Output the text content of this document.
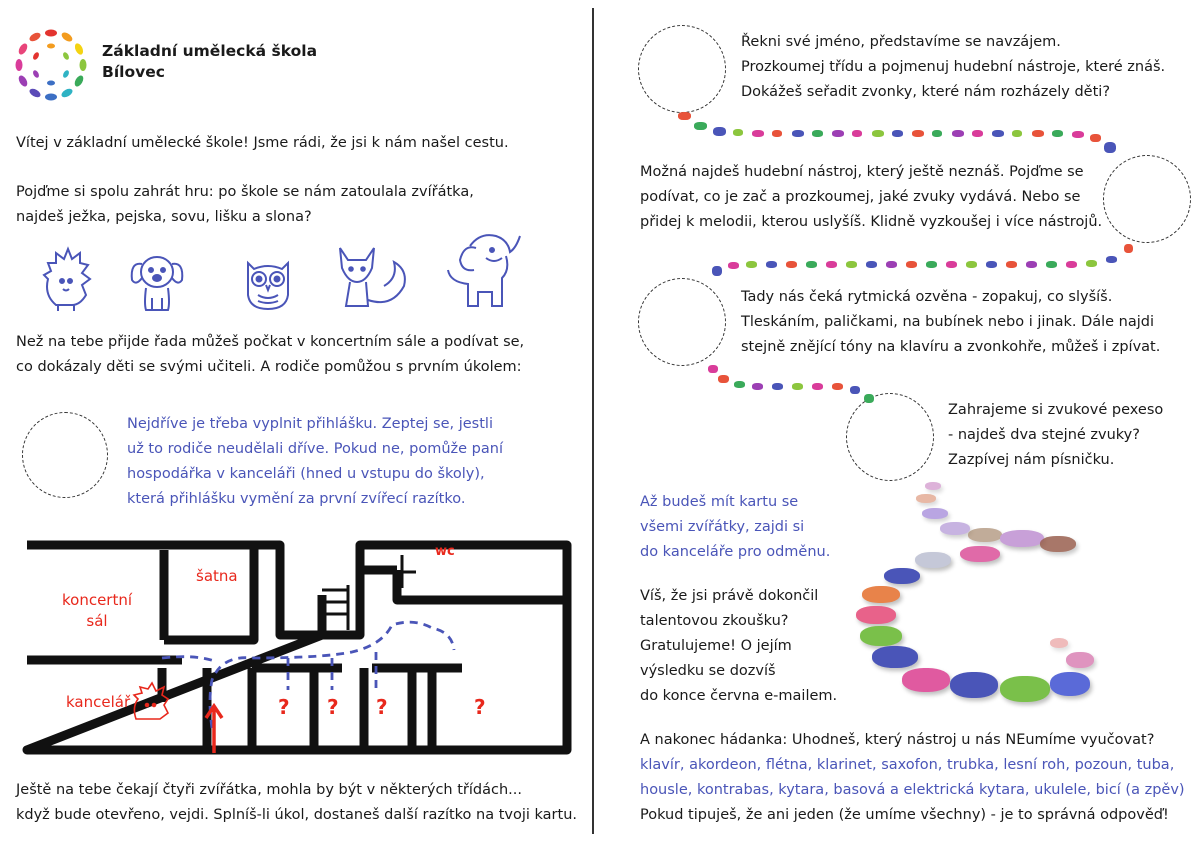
Základní umělecká škola
Bílovec

Vítej v základní umělecké škole! Jsme rádi, že jsi k nám našel cestu.

Pojďme si spolu zahrát hru: po škole se nám zatoulala zvířátka,

najdeš ježka, pejska, sovu, lišku a slona?

Než na tebe přijde řada můžeš počkat v koncertním sále a podívat se,

co dokázaly děti se svými učiteli. A rodiče pomůžou s prvním úkolem:

Nejdříve je třeba vyplnit přihlášku. Zeptej se, jestli

už to rodiče neudělali dříve. Pokud ne, pomůže paní

hospodářka v kanceláři (hned u vstupu do školy),

která přihlášku vymění za první zvířecí razítko.

koncertní
sál
šatna
wc
kancelář	? ? ?	?

Ještě na tebe čekají čtyři zvířátka, mohla by být v některých třídách...

když bude otevřeno, vejdi. Splníš-li úkol, dostaneš další razítko na tvoji kartu.

Řekni své jméno, představíme se navzájem.

Prozkoumej třídu a pojmenuj hudební nástroje, které znáš.

Dokážeš seřadit zvonky, které nám rozházely děti?

Možná najdeš hudební nástroj, který ještě neznáš. Pojďme se

podívat, co je zač a prozkoumej, jaké zvuky vydává. Nebo se

přidej k melodii, kterou uslyšíš. Klidně vyzkoušej i více nástrojů.

Tady nás čeká rytmická ozvěna - zopakuj, co slyšíš.

Tleskáním, paličkami, na bubínek nebo i jinak. Dále najdi

stejně znějící tóny na klavíru a zvonkohře, můžeš i zpívat.

Zahrajeme si zvukové pexeso

- najdeš dva stejné zvuky?

Zazpívej nám písničku.

Až budeš mít kartu se

všemi zvířátky, zajdi si

do kanceláře pro odměnu.

Víš, že jsi právě dokončil

talentovou zkoušku?

Gratulujeme! O jejím

výsledku se dozvíš

do konce června e-mailem.

A nakonec hádanka: Uhodneš, který nástroj u nás NEumíme vyučovat?

klavír, akordeon, flétna, klarinet, saxofon, trubka, lesní roh, pozoun, tuba,

housle, kontrabas, kytara, basová a elektrická kytara, ukulele, bicí (a zpěv)

Pokud tipuješ, že ani jeden (že umíme všechny) - je to správná odpověď!
